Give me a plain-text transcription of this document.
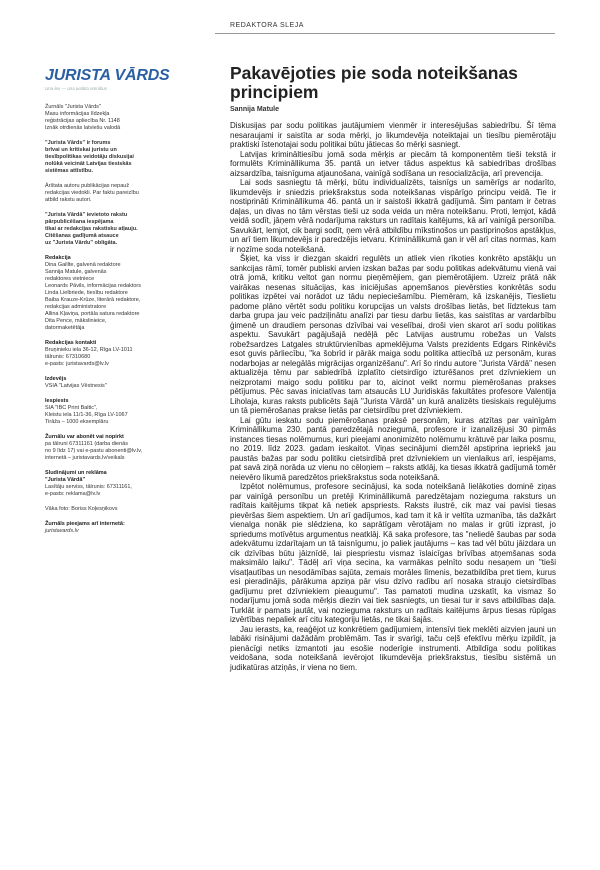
REDAKTORA SLEJA
JURISTA VĀRDS
Una lex — una iustitia omnibus
Žurnāls "Jurista Vārds"
Masu informācijas līdzekļa
reģistrācijas apliecība Nr. 1148
Iznāk otrdienās latviešu valodā
"Jurista Vārds" ir forums
brīvai un kritiskai juristu un
tiesībpolitikas veidotāju diskusijai
nolūkā veicināt Latvijas tiesiskās
sistēmas attīstību.
Ārštata autoru publikācijas nepauž
redakcijas viedokli. Par faktu pareizību
atbild rakstu autori.
"Jurista Vārdā" ievietoto rakstu
pārpublicēšana iespējama
tikai ar redakcijas rakstisku atļauju.
Citēšanas gadījumā atsauce
uz "Jurista Vārdu" obligāta.
Redakcija
Dina Gaillte, galvenā redaktore
Sannija Matule, galvenās
redaktores vietniece
Leonards Pāvils, informācijas redaktors
Linda Lielbriede, tiesību redaktore
Baiba Krauze-Krūze, literārā redaktore,
redakcijas administratore
Allina Kļaviņa, portāla satura redaktore
Dita Pence, mākslinieice,
datormaketētāja
Redakcijas kontakti
Bruņinieku iela 36-12, Rīga LV-1011
tālrunis: 67310680
e-pasts: juristavards@lv.lv
Izdevējs
VSIA "Latvijas Vēstnesis"
Iespiests
SIA "IBC Print Baltic",
Kleistu iela 11/1-36, Rīga LV-1067
Tirāža – 1000 eksemplāru
Žurnālu var abonēt vai nopirkt
pa tālruni 67311161 (darba dienās
no 9 līdz 17) vai e-pastu abonenti@lv.lv,
internetā – juristavards.lv/veikals
Sludinājumi un reklāma
"Jurista Vārdā"
Lasītāju serviss, tālrunis: 67311161,
e-pasts: reklama@lv.lv
Vāka foto: Boriss Koļesņikovs
Žurnāls pieejams arī internetā:
juristavards.lv
Pakavējoties pie soda noteikšanas principiem
Sannija Matule

Diskusijas par sodu politikas jautājumiem vienmēr ir interesējušas sabiedrību. Šī tēma nesaraujami ir saistīta ar soda mērķi, jo likumdevēja noteiktajai un tiesību piemērotāju praktiski īstenotajai sodu politikai būtu jātiecas šo mērķi sasniegt.

Latvijas krimināltiesību jomā soda mērķis ar piecām tā komponentēm tieši tekstā ir formulēts Krimināllikuma 35. pantā un ietver tādus aspektus kā sabiedrības drošības aizsardzība, taisnīguma atjaunošana, vainīgā sodīšana un resocializācija, arī prevencija.

Lai sods sasniegtu tā mērķi, būtu individualizēts, taisnīgs un samērīgs ar nodarīto, likumdevējs ir sniedzis priekšrakstus soda noteikšanas vispārīgo principu veidā. Tie ir nostiprināti Krimināllikuma 46. pantā un ir saistoši ikkatrā gadījumā. Šim pantam ir četras daļas, un divas no tām vērstas tieši uz soda veida un mēra noteikšanu. Proti, lemjot, kādā veidā sodīt, jāņem vērā nodarījuma raksturs un radītais kaitējums, kā arī vainīgā personība. Savukārt, lemjot, cik bargi sodīt, ņem vērā atbildību mīkstinošos un pastiprinošos apstākļus, un arī tiem likumdevējs ir paredzējis ietvaru. Krimināllikumā gan ir vēl arī citas normas, kam ir nozīme soda noteikšanā.

Šķiet, ka viss ir diezgan skaidri regulēts un atliek vien rīkoties konkrēto apstākļu un sankcijas rāmī, tomēr publiski arvien izskan bažas par sodu politikas adekvātumu vienā vai otrā jomā, kritiku veltot gan normu pieņēmējiem, gan piemērotājiem. Uzreiz prātā nāk vairākas nesenas situācijas, kas iniciējušas apņemšanos pievērsties konkrētās sodu politikas izpētei vai norādot uz tādu nepieciešamību. Piemēram, kā izskanējis, Tieslietu padome plāno vērtēt sodu politiku korupcijas un valsts drošības lietās, bet līdztekus tam darba grupa jau veic padziļinātu analīzi par tiesu darbu lietās, kas saistītas ar vardarbību ģimenē un draudiem personas dzīvībai vai veselībai, droši vien skarot arī sodu politikas aspektu. Savukārt pagājušajā nedēļā pēc Latvijas austrumu robežas un Valsts robežsardzes Latgales struktūrvienības apmeklējuma Valsts prezidents Edgars Rinkēvičs esot guvis pārliecību, "ka šobrīd ir pārāk maiga sodu politika attiecībā uz personām, kuras nodarbojas ar nelegālās migrācijas organizēšanu". Arī šo rindu autore "Jurista Vārdā" nesen aktualizēja tēmu par sabiedrībā izplatīto cietsirdīgo izturēšanos pret dzīvniekiem un neizprotami maigo sodu politiku par to, aicinot veikt normu piemērošanas prakses pētījumus. Pēc savas iniciatīvas tam atsaucās LU Juridiskās fakultātes profesore Valentija Liholaja, kuras raksts publicēts šajā "Jurista Vārdā" un kurā analizēts tiesiskais regulējums un tā piemērošanas prakse lietās par cietsirdību pret dzīvniekiem.

Lai gūtu ieskatu sodu piemērošanas praksē personām, kuras atzītas par vainīgām Krimināllikuma 230. pantā paredzētajā noziegumā, profesore ir izanalizējusi 30 pirmās instances tiesas nolēmumus, kuri pieejami anonimizēto nolēmumu krātuvē par laika posmu, no 2019. līdz 2023. gadam ieskaitot. Viņas secinājumi diemžēl apstiprina iepriekš jau paustās bažas par sodu politiku cietsirdībā pret dzīvniekiem un vienlaikus arī, iespējams, pat savā ziņā norāda uz vienu no cēloņiem – raksts atklāj, ka tiesas ikkatrā gadījumā tomēr neievēro likumā paredzētos priekšrakstus soda noteikšanā.

Izpētot nolēmumus, profesore secinājusi, ka soda noteikšanā lielākoties dominē ziņas par vainīgā personību un pretēji Krimināllikumā paredzētajam nozieguma raksturs un radītais kaitējums tikpat kā netiek apspriests. Raksts ilustrē, cik maz vai pavisi tiesas pievēršas šiem aspektiem. Un arī gadījumos, kad tam it kā ir veltīta uzmanība, tās dažkārt vienalga nonāk pie slēdziena, ko saprātīgam vērotājam no malas ir grūti izprast, jo spriedums motīvētus argumentus neatklāj. Kā saka profesore, tas "neliedē šaubas par soda adekvātumu izdarītajam un tā taisnīgumu, jo paliek jautājums – kas tad vēl būtu jāizdara un cik dzīvības būtu jāiznīdē, lai piespriestu vismaz īslaicīgas brīvības atņemšanas soda maksimālo laiku". Tādēļ arī viņa secina, ka varmākas pelnīto sodu nesaņem un "tieši visatļautības un nesodāmības sajūta, zemais morāles līmenis, bezatbildība pret tiem, kurus esi pieradinājis, pārākuma apziņa pār visu dzīvo radību arī nosaka straujo cietsirdības gadījumu pret dzīvniekiem pieaugumu". Tas pamatoti mudina uzskatīt, ka vismaz šo nodarījumu jomā soda mērķis diezin vai tiek sasniegts, un tiesai tur ir savs atbildības daļa. Turklāt ir pamats jautāt, vai nozieguma raksturs un radītais kaitējums ārpus tiesas rūpīgas izvērtības nepaliek arī citu kategoriju lietās, ne tikai šajās.

Jau ierasts, ka, reaģējot uz konkrētiem gadījumiem, intensīvi tiek meklēti aizvien jauni un labāki risinājumi dažādām problēmām. Tas ir svarīgi, taču ceļš efektīvu mērķu izpildīt, ja pienācīgi netiks izmantoti jau esošie noderīgie instrumenti. Atbildīga sodu politikas veidošana, soda noteikšanā ievērojot likumdevēja priekšrakstus, tiesību sistēmā un judikatūras atziņās, ir viena no tiem.
